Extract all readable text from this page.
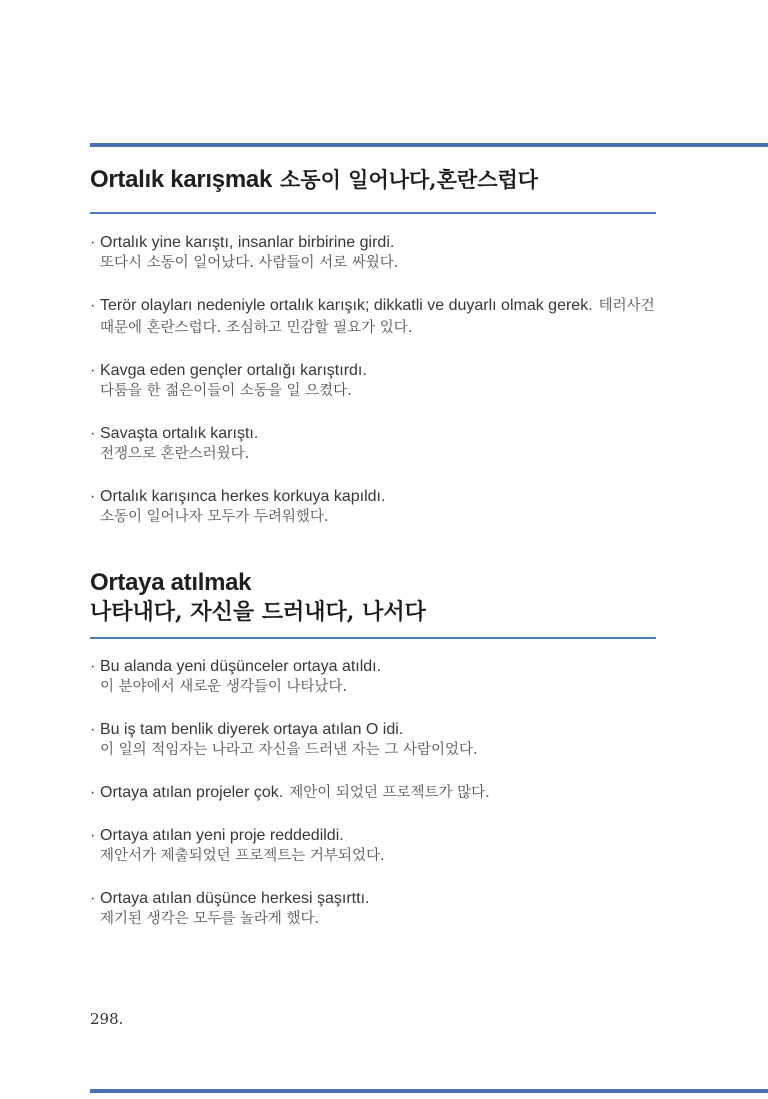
Ortalık karışmak 소동이 일어나다,혼란스럽다
· Ortalık yine karıştı, insanlar birbirine girdi.
또다시 소동이 일어났다. 사람들이 서로 싸웠다.

· Terör olayları nedeniyle ortalık karışık; dikkatli ve duyarlı olmak gerek. 테러사건 때문에 혼란스럽다. 조심하고 민감할 필요가 있다.

· Kavga eden gençler ortalığı karıştırdı.
다툼을 한 젊은이들이 소동을 일 으켰다.

· Savaşta ortalık karıştı.
전쟁으로 혼란스러웠다.

· Ortalık karışınca herkes korkuya kapıldı.
소동이 일어나자 모두가 두려워했다.

Ortaya atılmak
나타내다, 자신을 드러내다, 나서다
· Bu alanda yeni düşünceler ortaya atıldı.
이 분야에서 새로운 생각들이 나타났다.

· Bu iş tam benlik diyerek ortaya atılan O idi.
이 일의 적임자는 나라고 자신을 드러낸 자는 그 사람이었다.

· Ortaya atılan projeler çok. 제안이 되었던 프로젝트가 많다.

· Ortaya atılan yeni proje reddedildi.
제안서가 제출되었던 프로젝트는 거부되었다.

· Ortaya atılan düşünce herkesi şaşırttı.
제기된 생각은 모두를 놀라게 했다.

298.
